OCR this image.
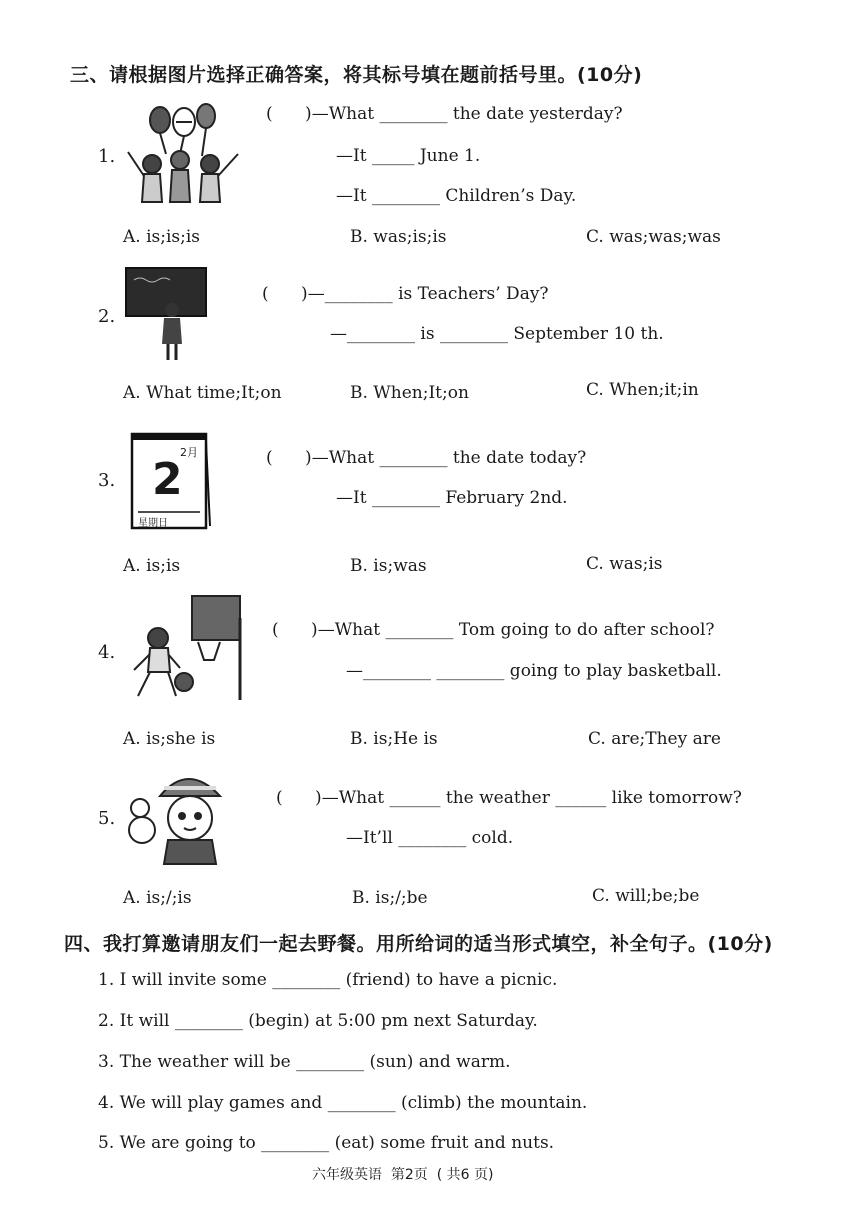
三、请根据图片选择正确答案，将其标号填在题前括号里。(10分)
1.
(      )—What ________ the date yesterday?
—It _____ June 1.
—It ________ Children’s Day.
A. is;is;is	B. was;is;is	C. was;was;was
2.
(      )—________ is Teachers’ Day?
—________ is ________ September 10 th.
A. What time;It;on	B. When;It;on	C. When;it;in
3.
2月
2
星期日
(      )—What ________ the date today?
—It ________ February 2nd.
A. is;is	B. is;was	C. was;is
4.
(      )—What ________ Tom going to do after school?
—________ ________ going to play basketball.
A. is;she is	B. is;He is	C. are;They are
5.
(      )—What ______ the weather ______ like tomorrow?
—It’ll ________ cold.
A. is;/;is	B. is;/;be	C. will;be;be
四、我打算邀请朋友们一起去野餐。用所给词的适当形式填空，补全句子。(10分)
1. I will invite some ________ (friend) to have a picnic.
2. It will ________ (begin) at 5:00 pm next Saturday.
3. The weather will be ________ (sun) and warm.
4. We will play games and ________ (climb) the mountain.
5. We are going to ________ (eat) some fruit and nuts.
六年级英语  第2页  ( 共6 页)
